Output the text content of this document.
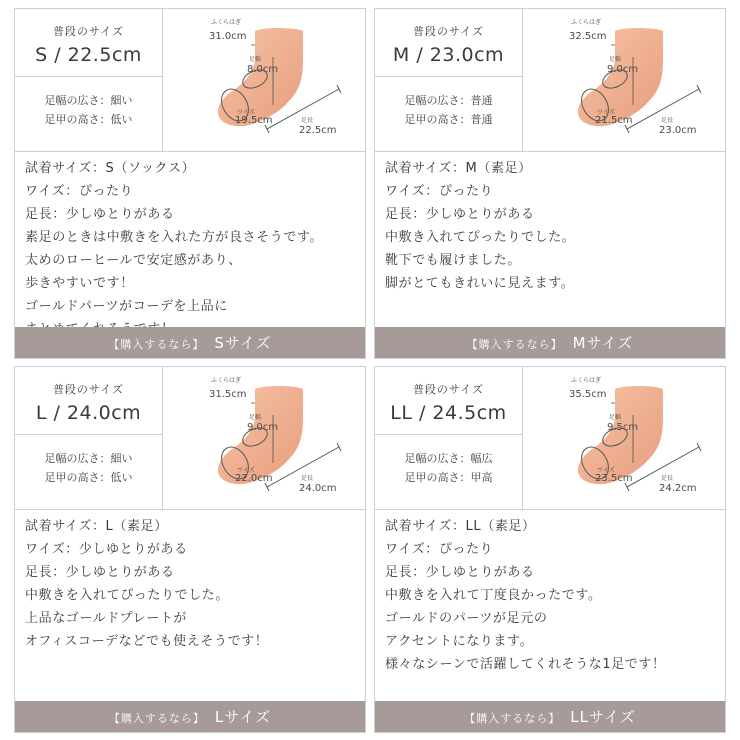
普段のサイズ
S / 22.5cm
足幅の広さ：細い
足甲の高さ：低い
ふくらはぎ
31.0cm
足幅
8.0cm
ワイズ
19.5cm	足長
22.5cm
試着サイズ：S（ソックス）
ワイズ：ぴったり
足長：少しゆとりがある
素足のときは中敷きを入れた方が良さそうです。
太めのローヒールで安定感があり、
歩きやすいです！
ゴールドパーツがコーデを上品に
【購入するなら】 Sサイズ
普段のサイズ
M / 23.0cm
足幅の広さ：普通
足甲の高さ：普通
ふくらはぎ
32.5cm
足幅
9.0cm
ワイズ
21.5cm	足長
23.0cm
試着サイズ：M（素足）
ワイズ：ぴったり
足長：少しゆとりがある
中敷き入れてぴったりでした。
靴下でも履けました。
脚がとてもきれいに見えます。
【購入するなら】 Mサイズ
普段のサイズ
L / 24.0cm
足幅の広さ：細い
足甲の高さ：低い
ふくらはぎ
31.5cm
足幅
9.0cm
ワイズ
22.0cm	足長
24.0cm
試着サイズ：L（素足）
ワイズ：少しゆとりがある
足長：少しゆとりがある
中敷きを入れてぴったりでした。
上品なゴールドプレートが
オフィスコーデなどでも使えそうです！
【購入するなら】 Lサイズ
普段のサイズ
LL / 24.5cm
足幅の広さ：幅広
足甲の高さ：甲高
ふくらはぎ
35.5cm
足幅
9.5cm
ワイズ
23.5cm	足長
24.2cm
試着サイズ：LL（素足）
ワイズ：ぴったり
足長：少しゆとりがある
中敷きを入れて丁度良かったです。
ゴールドのパーツが足元の
アクセントになります。
様々なシーンで活躍してくれそうな1足です！
【購入するなら】 LLサイズ
